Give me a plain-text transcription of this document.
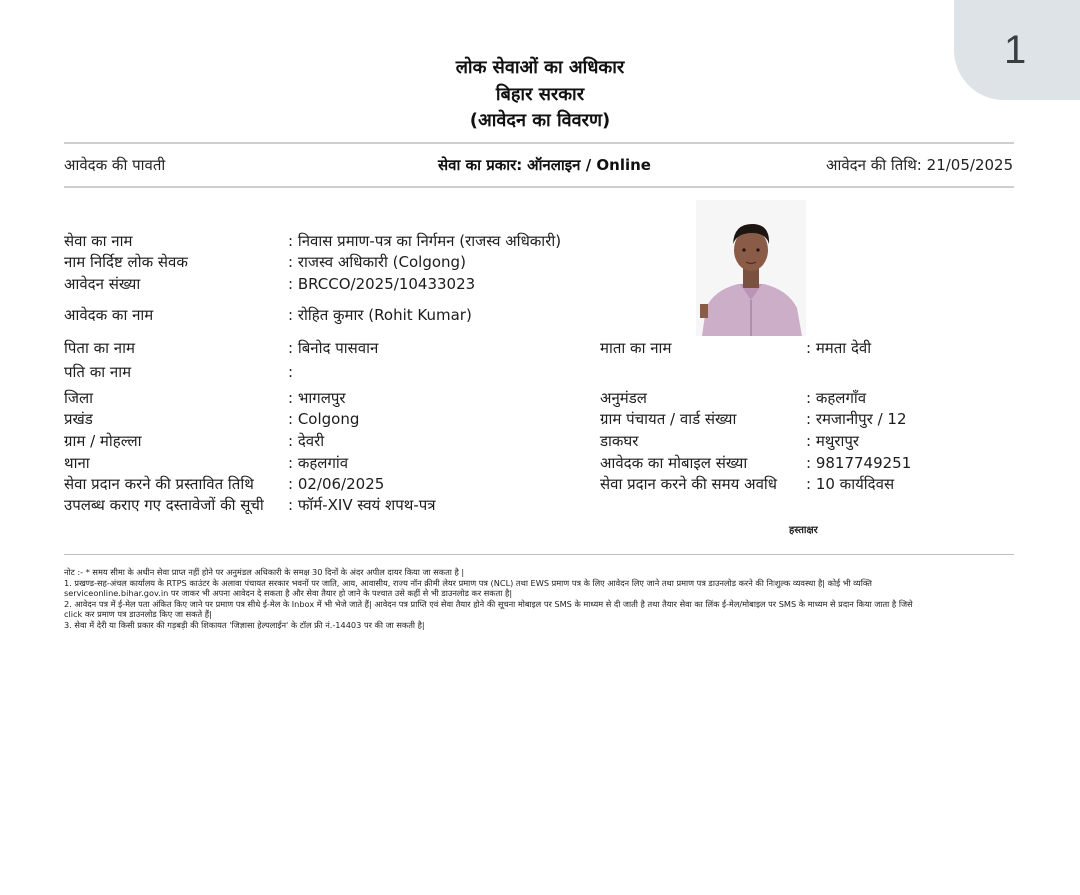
1
लोक सेवाओं का अधिकार
बिहार सरकार
(आवेदन का विवरण)
आवेदक की पावती	सेवा का प्रकार: ऑनलाइन / Online	आवेदन की तिथि: 21/05/2025
सेवा का नाम	: निवास प्रमाण-पत्र का निर्गमन (राजस्व अधिकारी)
नाम निर्दिष्ट लोक सेवक	: राजस्व अधिकारी (Colgong)
आवेदन संख्या	: BRCCO/2025/10433023
आवेदक का नाम	: रोहित कुमार (Rohit Kumar)
पिता का नाम	: बिनोद पासवान	माता का नाम	: ममता देवी
पति का नाम	:
जिला	: भागलपुर	अनुमंडल	: कहलगाँव
प्रखंड	: Colgong	ग्राम पंचायत / वार्ड संख्या	: रमजानीपुर / 12
ग्राम / मोहल्ला	: देवरी	डाकघर	: मथुरापुर
थाना	: कहलगांव	आवेदक का मोबाइल संख्या	: 9817749251
सेवा प्रदान करने की प्रस्तावित तिथि : 02/06/2025	सेवा प्रदान करने की समय अवधि : 10 कार्यदिवस
उपलब्ध कराए गए दस्तावेजों की सूची : फॉर्म-XIV स्वयं शपथ-पत्र
हस्ताक्षर
नोट :- * समय सीमा के अधीन सेवा प्राप्त नहीं होने पर अनुमंडल अधिकारी के समक्ष 30 दिनों के अंदर अपील दायर किया जा सकता है |
1. प्रखण्ड-सह-अंचल कार्यालय के RTPS काउंटर के अलावा पंचायत सरकार भवनों पर जाति, आय, आवासीय, राज्य नॉन क्रीमी लेयर प्रमाण पत्र (NCL) तथा EWS प्रमाण पत्र के लिए आवेदन लिए जाने तथा प्रमाण पत्र डाउनलोड करने की निःशुल्क व्यवस्था है| कोई भी व्यक्ति
serviceonline.bihar.gov.in पर जाकर भी अपना आवेदन दे सकता है और सेवा तैयार हो जाने के पश्चात उसे कहीं से भी डाउनलोड कर सकता है|
2. आवेदन पत्र में ई-मेल पता अंकित किए जाने पर प्रमाण पत्र सीधे ई-मेल के Inbox में भी भेजे जाते हैं| आवेदन पत्र प्राप्ति एवं सेवा तैयार होने की सूचना मोबाइल पर SMS के माध्यम से दी जाती है तथा तैयार सेवा का लिंक ई-मेल/मोबाइल पर SMS के माध्यम से प्रदान किया जाता है जिसे
click कर प्रमाण पत्र डाउनलोड किए जा सकते हैं|
3. सेवा में देरी या किसी प्रकार की गड़बड़ी की शिकायत 'जिज्ञासा हेल्पलाईन' के टॉल फ्री नं.-14403 पर की जा सकती है|
